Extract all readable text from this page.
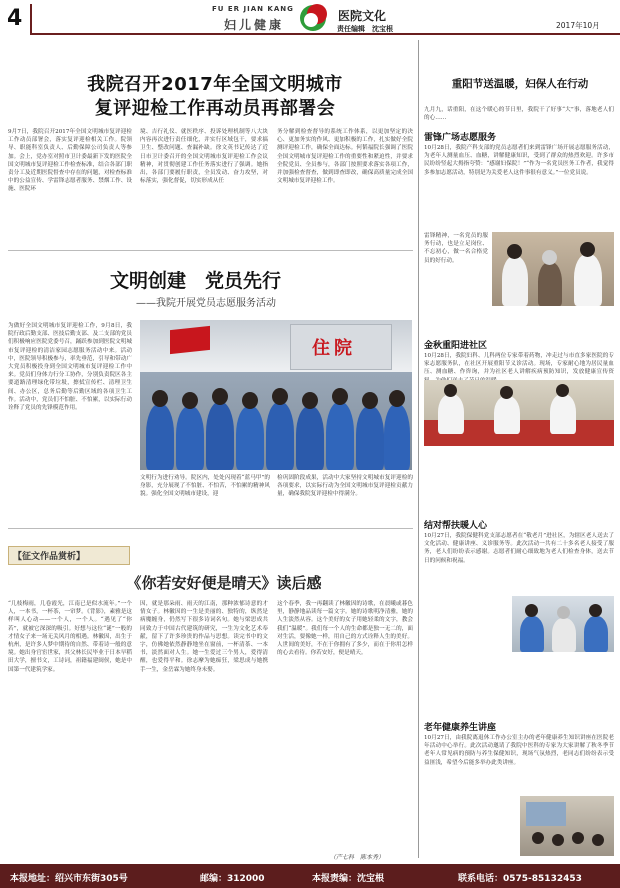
4	FU ER JIAN KANG
妇儿健康
医院文化
责任编辑　沈宝根	2017年10月
我院召开2017年全国文明城市
复评迎检工作再动员再部署会
9月7日，我院召开2017年全国文明城市复评迎检工作动员部署会，落实复评迎检相关工作。院领导、职能科室负责人、后勤保障公司负责人等参加。会上，党办室对照市卫计委最新下发的医院全国文明城市复评迎检工作检查标准，结合各部门职责分工及近期医院督查中存在的问题，对检查标准中的公益宣传、学雷锋志愿者服务、禁烟工作、设施、医院环
境、吉行礼仪、就医秩序、投诉处理机制等八大块内容再次进行责任细化，并实行区域包干，要求搞卫生、整改问题、查漏补缺。徐文英书记传达了近日市卫计委召开的全国文明城市复评迎检工作会议精神，对贯彻创建工作任务落实进行了强调。她指出，各部门要履行职责，全员发动、奋力攻坚，对标落实，强化督促，切实形成从任
务分解到检查督导的系统工作体系，以更加坚定的决心、更加务实的作风、更加积极的工作，扎实做好全院测评迎检工作，确保全面达标。何韬福院长强调了医院全国文明城市复评迎检工作的重要性和紧迫性，并要求全院党员、全员参与，各部门按照要求落实各项工作，并加强检查督查，做到即查即改，确保高质量完成全国文明城市复评迎检工作。
文明创建　党员先行
——我院开展党员志愿服务活动
为做好全国文明城市复评迎检工作，9月8日，我院行政后勤支部、医技后勤支部、及二支部的党员们积极响应医院党委号召，踊跃参加到医院文明城市复评迎检的清洁家园志愿服务活动中来。活动中，医院领导积极参与，率先垂范，引导和带动广大党员积极投身到全国文明城市复评迎检工作中来。党员们身体力行分工协作，分别负责院区各主要道路清理绿化带垃圾，擦拭宣传栏、清理卫生间、办公区，总务后勤等后勤区域的各项卫生工作。活动中，党员们不怕脏、不怕累，以实际行动诠释了党员的先锋模范作用。
住院
文明行为进行劝导。院区内，处处闪现着“蓝马甲”的身影，充分展现了不怕脏、不怕苦，不怕累的精神风貌。强化全国文明城市建设，迎
检巩固阶段成果，活动中大家坚持文明城市复评迎检的各项要求，以实际行动为全国文明城市复评迎检贡献力量，确保我院复评迎检中得满分。
【征文作品赏析】
《你若安好便是晴天》读后感
“几枝梅雨，几卷霞光，江南已是似水流年。”一个人，一本书，一杯茶，一帘梦。《背影》，素雅是这样叫人心动——一个人，一个人。“遇见了“你若”，就被它深深的吸引。好想与这位“谜”一般的才情女子来一场无关风月的相遇。林徽因，出生于杭州，是许多人梦中期待的自然、带着诗一般的意境。她出身官宦世家，其父林长民毕业于日本早稻田大学，擅书文，工诗词，祖籍福建闽侯，她是中国第一代建筑学家。
因，就是那朵雨、雨天的江南，那种浓郁诗意的才情女子。林徽因的一生是美丽的、独特的，纵然是病魔缠身，仍然写下很多诗词名句。她与梁思成共同致力于中国古代建筑的研究，一生为文化艺术奉献，留下了许多珍贵的作品与思想。读完书中的文字，仿佛她依然静静地坐在窗前，一杯清茶、一本书，淡然面对人生。她一生爱过三个男人，爱得清醒，也爱得平和。徐志摩为她痴狂，梁思成与她携手一生，金岳霖为她终身未娶。
这个春季，我一再翻读了林徽因的诗歌，在晨曦或暮色里，静静地品读每一篇文字。她的诗歌明净清雅，她的人生淡然从容。这个美好的女子用她轻柔的文字，教会我们“温暖”。我们每一个人的生命都是独一无二的，面对生活，要像她一样，用自己的方式诠释人生的美好。人世间的美好，不在于你拥有了多少，而在于你用怎样的心去看待。你若安好，便是晴天。
（产七科　陈本秀）
重阳节送温暖，妇保人在行动
九月九，话重阳，在这个暖心的节日里，我院干了好事“大”事，落地老人们的心……
雷锋广场志愿服务
10月28日，我院产科支部的党员志愿者们来到雷锋广场开展志愿服务活动，为老年人测量血压、血糖，讲解健康知识，受到了群众的热烈欢迎。许多市民纷纷竖起大拇指夸赞：“感谢妇保院！”“作为一名党员医务工作者，我觉得多参加志愿活动，特别是为关爱老人这件事很有意义。”一位党员说。
雷锋精神，一名党员的服务行动，也是立足岗位、不忘初心，做一名合格党员的好行动。
金秋重阳进社区
10月28日，我院妇科、儿科两位专家带着药物，冲走过与市直多家医院的专家志愿服务队，在社区开展重阳节义诊活动。现场，专家耐心地为居民量血压、测血糖、作咨询，并为社区老人讲解疾病预防知识，发放健康宣传资
结对帮扶暖人心
10月27日，我院保健科党支部志愿者在“敬老月”进社区，为辖区老人送去了文化活动、健康讲座、义诊服务等。此次活动一共有二十多名老人接受了服务，老人们纷纷表示感谢。志愿者们耐心细致地为老人们检查身体，送去节日的问候和祝福。
老年健康养生讲座
10月27日，由我院离退休工作办公室主办的老年健康养生知识讲座在医院老年活动中心举行。此次活动邀请了我院中医科的专家为大家讲解了秋冬季节老年人常见病的预防与养生保健知识，现场气氛热烈，老同志们纷纷表示受益匪浅，希望今后能多举办此类讲座。
本报地址：绍兴市东街305号	邮编：312000	本报责编：沈宝根	联系电话：0575-85132453
